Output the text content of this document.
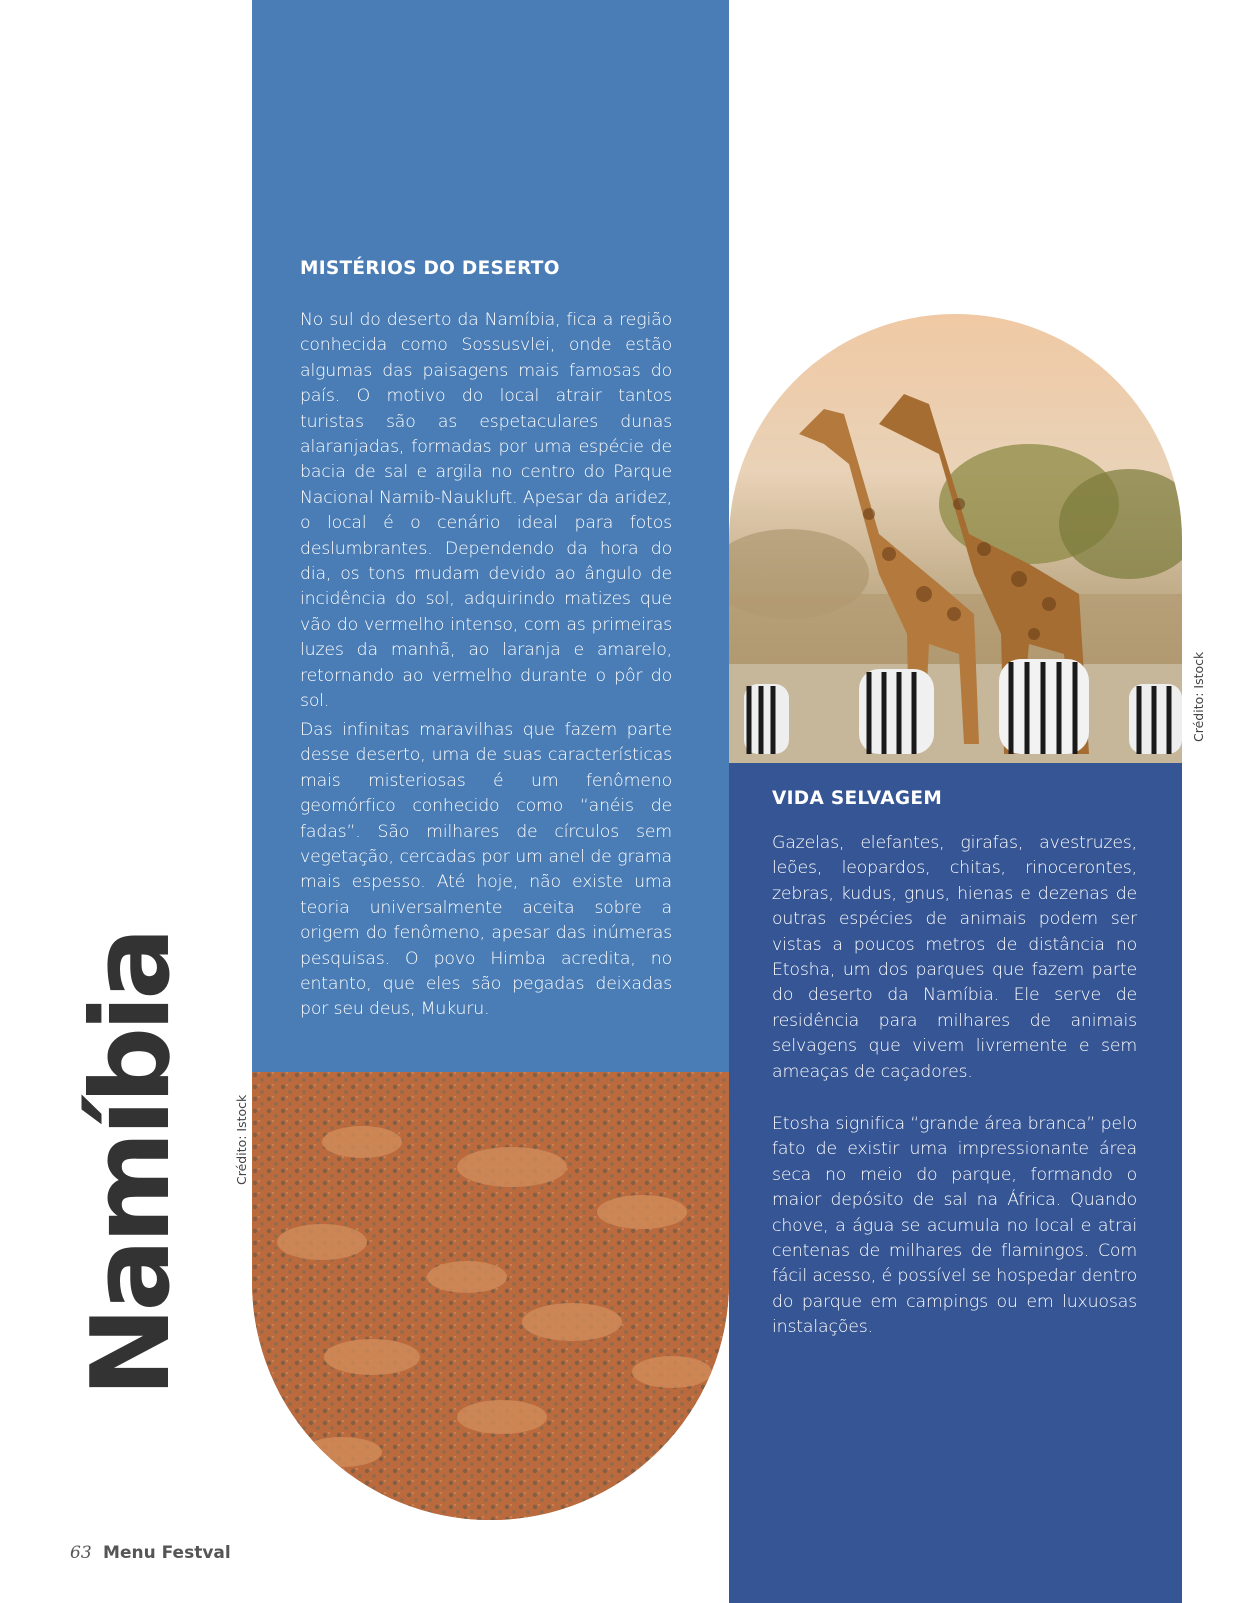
MISTÉRIOS DO DESERTO

No sul do deserto da Namíbia, fica a região conhecida como Sossusvlei, onde estão algumas das paisagens mais famosas do país. O motivo do local atrair tantos turistas são as espetaculares dunas alaranjadas, formadas por uma espécie de bacia de sal e argila no centro do Parque Nacional Namib-Naukluft. Apesar da aridez, o local é o cenário ideal para fotos deslumbrantes. Dependendo da hora do dia, os tons mudam devido ao ângulo de incidência do sol, adquirindo matizes que vão do vermelho intenso, com as primeiras luzes da manhã, ao laranja e amarelo, retornando ao vermelho durante o pôr do sol.

Das infinitas maravilhas que fazem parte desse deserto, uma de suas características mais misteriosas é um fenômeno geomórfico conhecido como “anéis de fadas”. São milhares de círculos sem vegetação, cercadas por um anel de grama mais espesso. Até hoje, não existe uma teoria universalmente aceita sobre a origem do fenômeno, apesar das inúmeras pesquisas. O povo Himba acredita, no entanto, que eles são pegadas deixadas por seu deus, Mukuru.

Crédito: Istock
VIDA SELVAGEM

Gazelas, elefantes, girafas, avestruzes, leões, leopardos, chitas, rinocerontes, zebras, kudus, gnus, hienas e dezenas de outras espécies de animais podem ser vistas a poucos metros de distância no Etosha, um dos parques que fazem parte do deserto da Namíbia. Ele serve de residência para milhares de animais selvagens que vivem livremente e sem ameaças de caçadores.

Etosha significa “grande área branca” pelo fato de existir uma impressionante área seca no meio do parque, formando o maior depósito de sal na África. Quando chove, a água se acumula no local e atrai centenas de milhares de flamingos. Com fácil acesso, é possível se hospedar dentro do parque em campings ou em luxuosas instalações.

Crédito: Istock
Namíbia
63 Menu Festval
